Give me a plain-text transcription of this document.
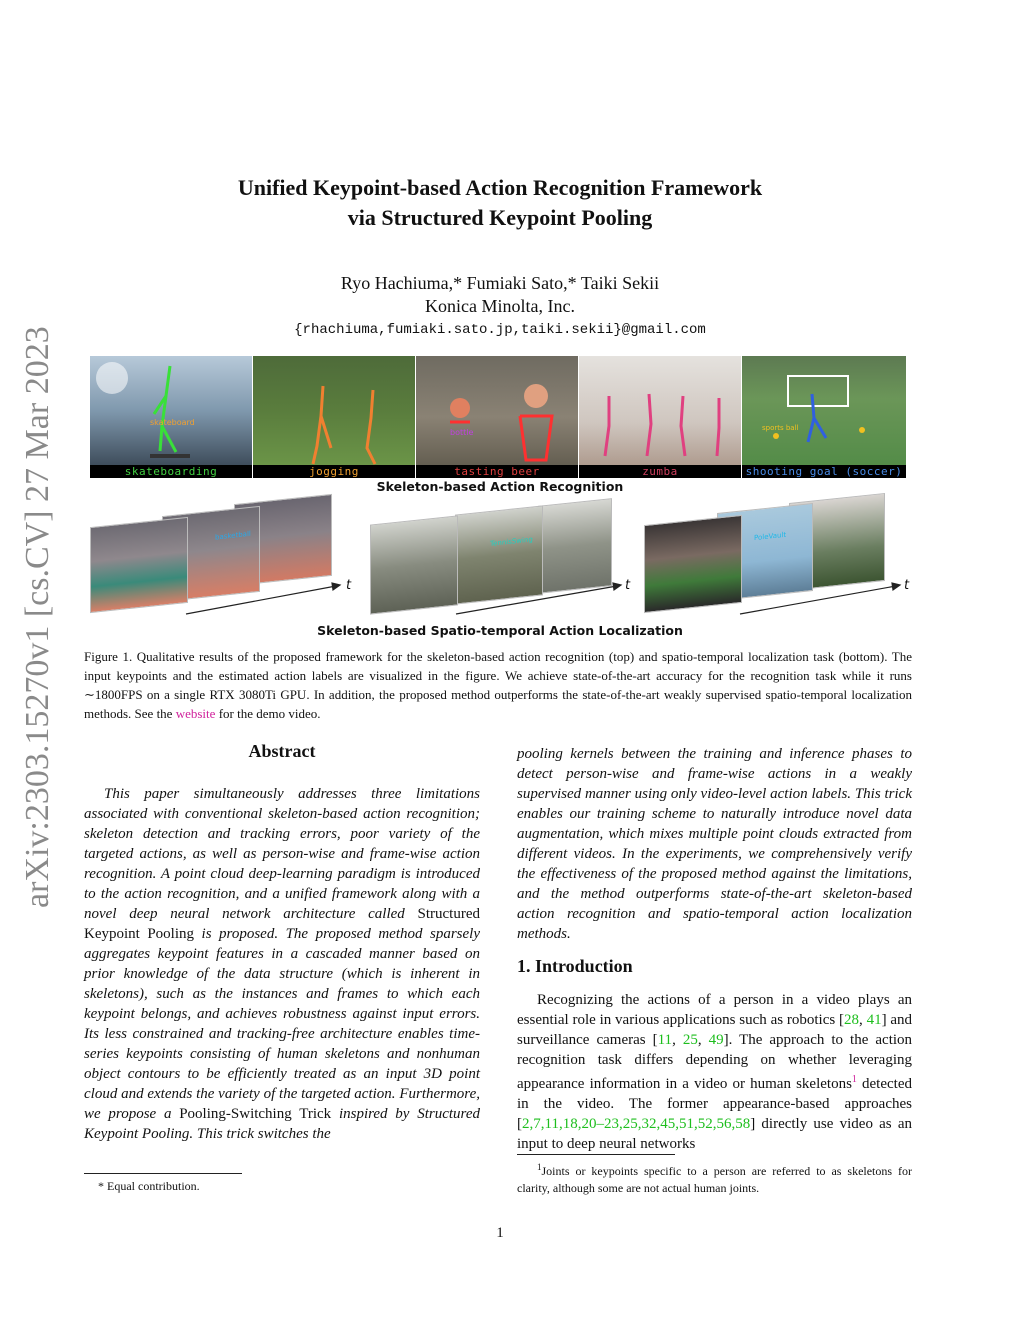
arXiv:2303.15270v1 [cs.CV] 27 Mar 2023
Unified Keypoint-based Action Recognition Framework
via Structured Keypoint Pooling
Ryo Hachiuma,* Fumiaki Sato,* Taiki Sekii
Konica Minolta, Inc.
{rhachiuma,fumiaki.sato.jp,taiki.sekii}@gmail.com
skateboard
skateboarding	jogging
bottle
tasting beer	zumba
sports ball
shooting goal (soccer)
Skeleton-based Action Recognition
basketball	TennisSwing	PoleVault
t	t	t
Skeleton-based Spatio-temporal Action Localization
Figure 1. Qualitative results of the proposed framework for the skeleton-based action recognition (top) and spatio-temporal localization task (bottom). The input keypoints and the estimated action labels are visualized in the figure. We achieve state-of-the-art accuracy for the recognition task while it runs ∼1800FPS on a single RTX 3080Ti GPU. In addition, the proposed method outperforms the state-of-the-art weakly supervised spatio-temporal localization methods. See the website for the demo video.
Abstract
This paper simultaneously addresses three limitations associated with conventional skeleton-based action recognition; skeleton detection and tracking errors, poor variety of the targeted actions, as well as person-wise and frame-wise action recognition. A point cloud deep-learning paradigm is introduced to the action recognition, and a unified framework along with a novel deep neural network architecture called Structured Keypoint Pooling is proposed. The proposed method sparsely aggregates keypoint features in a cascaded manner based on prior knowledge of the data structure (which is inherent in skeletons), such as the instances and frames to which each keypoint belongs, and achieves robustness against input errors. Its less constrained and tracking-free architecture enables time-series keypoints consisting of human skeletons and nonhuman object contours to be efficiently treated as an input 3D point cloud and extends the variety of the targeted action. Furthermore, we propose a Pooling-Switching Trick inspired by Structured Keypoint Pooling. This trick switches the
* Equal contribution.
pooling kernels between the training and inference phases to detect person-wise and frame-wise actions in a weakly supervised manner using only video-level action labels. This trick enables our training scheme to naturally introduce novel data augmentation, which mixes multiple point clouds extracted from different videos. In the experiments, we comprehensively verify the effectiveness of the proposed method against the limitations, and the method outperforms state-of-the-art skeleton-based action recognition and spatio-temporal action localization methods.
1. Introduction
Recognizing the actions of a person in a video plays an essential role in various applications such as robotics [28, 41] and surveillance cameras [11, 25, 49]. The approach to the action recognition task differs depending on whether leveraging appearance information in a video or human skeletons$^1$ detected in the video. The former appearance-based approaches [2,7,11,18,20–23,25,32,45,51,52,56,58] directly use video as an input to deep neural networks
$^1$Joints or keypoints specific to a person are referred to as skeletons for clarity, although some are not actual human joints.
1
